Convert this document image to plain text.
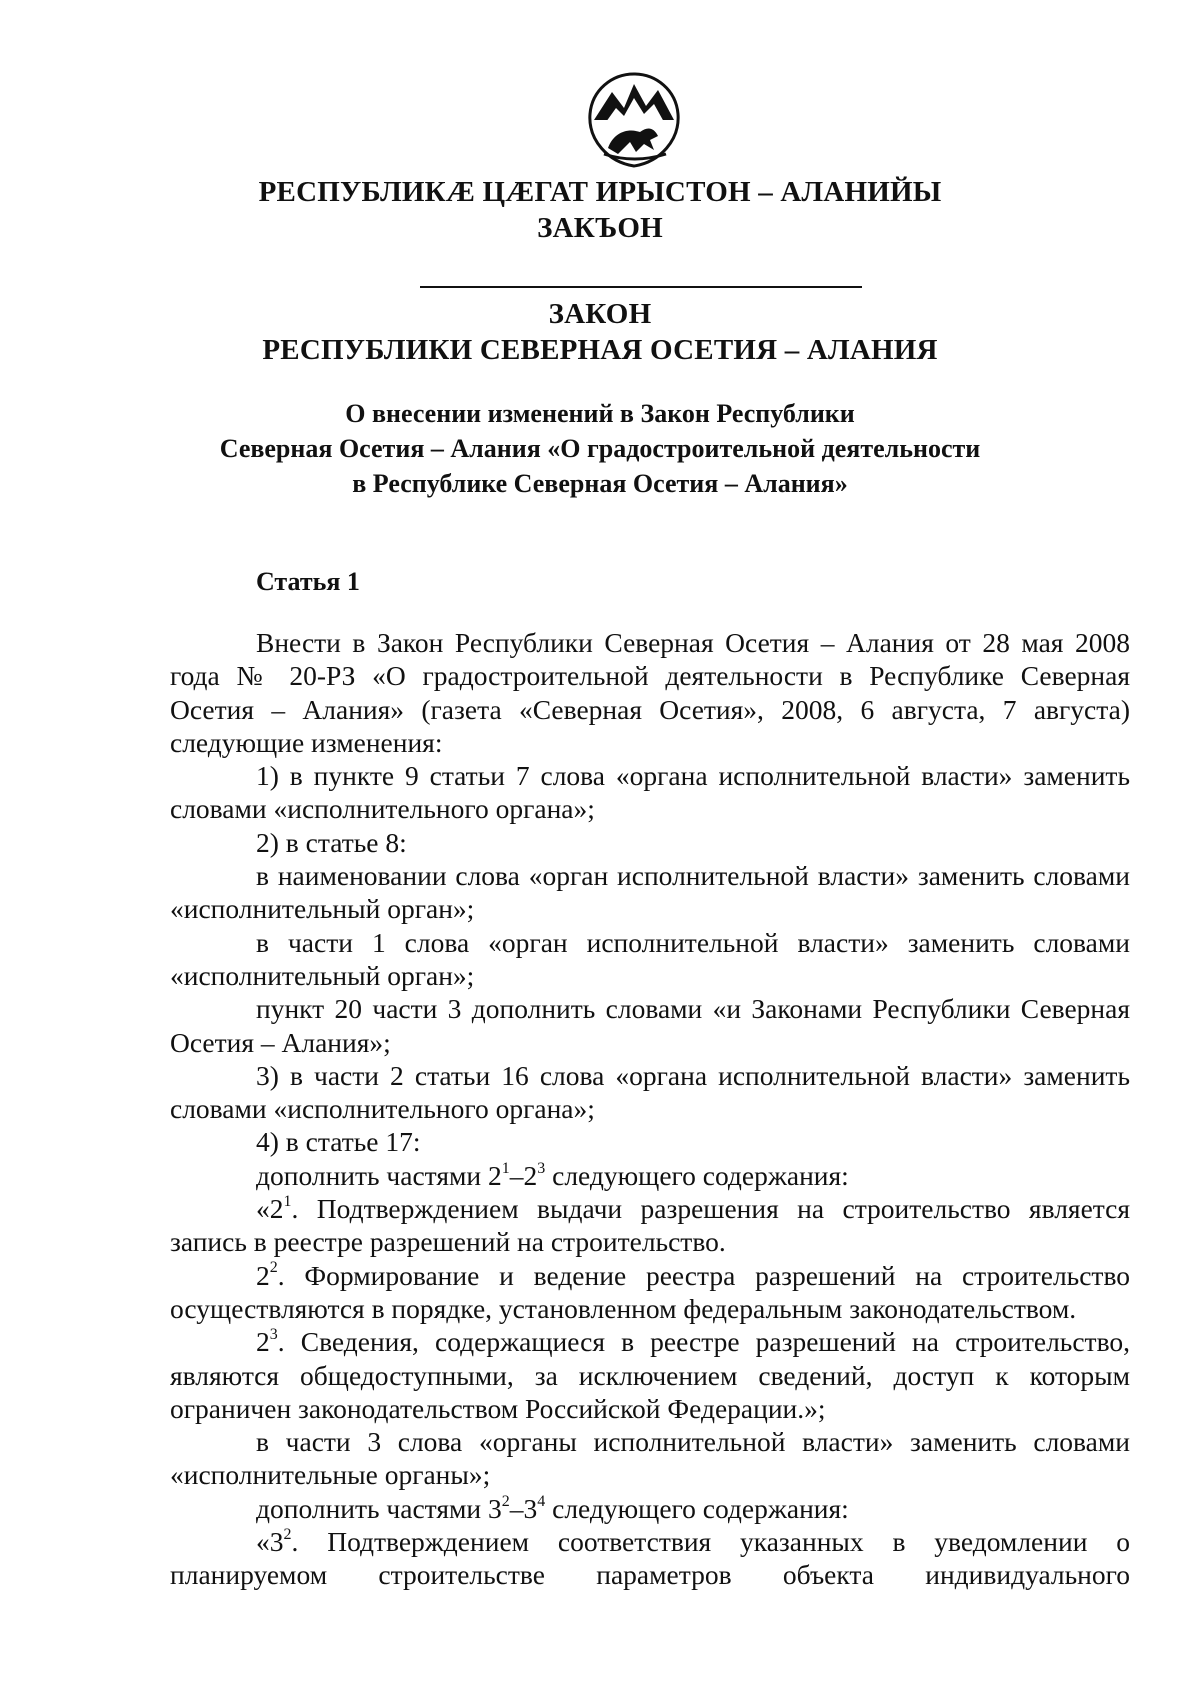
РЕСПУБЛИКÆ ЦÆГАТ ИРЫСТОН – АЛАНИЙЫ
ЗАКЪОН
ЗАКОН
РЕСПУБЛИКИ СЕВЕРНАЯ ОСЕТИЯ – АЛАНИЯ
О внесении изменений в Закон Республики
Северная Осетия – Алания «О градостроительной деятельности
в Республике Северная Осетия – Алания»
Статья 1

Внести в Закон Республики Северная Осетия – Алания от 28 мая 2008 года № 20-РЗ «О градостроительной деятельности в Республике Северная Осетия – Алания» (газета «Северная Осетия», 2008, 6 августа, 7 августа) следующие изменения:

1) в пункте 9 статьи 7 слова «органа исполнительной власти» заменить словами «исполнительного органа»;

2) в статье 8:

в наименовании слова «орган исполнительной власти» заменить словами «исполнительный орган»;

в части 1 слова «орган исполнительной власти» заменить словами «исполнительный орган»;

пункт 20 части 3 дополнить словами «и Законами Республики Северная Осетия – Алания»;

3) в части 2 статьи 16 слова «органа исполнительной власти» заменить словами «исполнительного органа»;

4) в статье 17:

дополнить частями $2^1-2^3$ следующего содержания:

«$2^1$. Подтверждением выдачи разрешения на строительство является запись в реестре разрешений на строительство.

$2^2$. Формирование и ведение реестра разрешений на строительство осуществляются в порядке, установленном федеральным законодательством.

$2^3$. Сведения, содержащиеся в реестре разрешений на строительство, являются общедоступными, за исключением сведений, доступ к которым ограничен законодательством Российской Федерации.»;

в части 3 слова «органы исполнительной власти» заменить словами «исполнительные органы»;

дополнить частями $3^2-3^4$ следующего содержания:

«$3^2$. Подтверждением соответствия указанных в уведомлении о планируемом строительстве параметров объекта индивидуального
